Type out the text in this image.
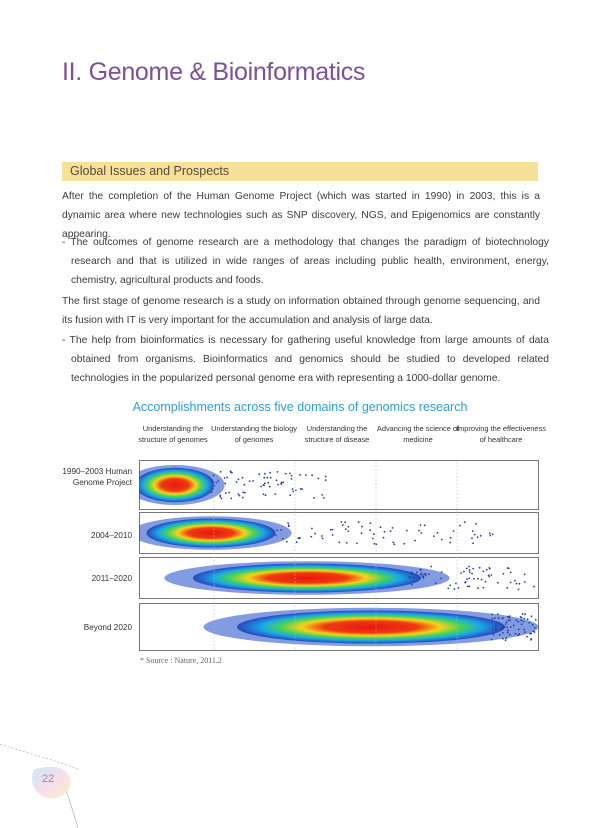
II. Genome & Bioinformatics
Global Issues and Prospects
After the completion of the Human Genome Project (which was started in 1990) in 2003, this is a dynamic area where new technologies such as SNP discovery, NGS, and Epigenomics are constantly appearing.
- The outcomes of genome research are a methodology that changes the paradigm of biotechnology research and that is utilized in wide ranges of areas including public health, environment, energy, chemistry, agricultural products and foods.
The first stage of genome research is a study on information obtained through genome sequencing, and its fusion with IT is very important for the accumulation and analysis of large data.
- The help from bioinformatics is necessary for gathering useful knowledge from large amounts of data obtained from organisms. Bioinformatics and genomics should be studied to developed related technologies in the popularized personal genome era with representing a 1000-dollar genome.
Accomplishments across five domains of genomics research
Understanding the structure of genomes
Understanding the biology of genomes
Understanding the structure of disease
Advancing the science of medicine
Improving the effectiveness of healthcare
1990–2003 Human Genome Project
2004–2010
2011–2020
Beyond 2020
* Source : Nature, 2011.2
22
